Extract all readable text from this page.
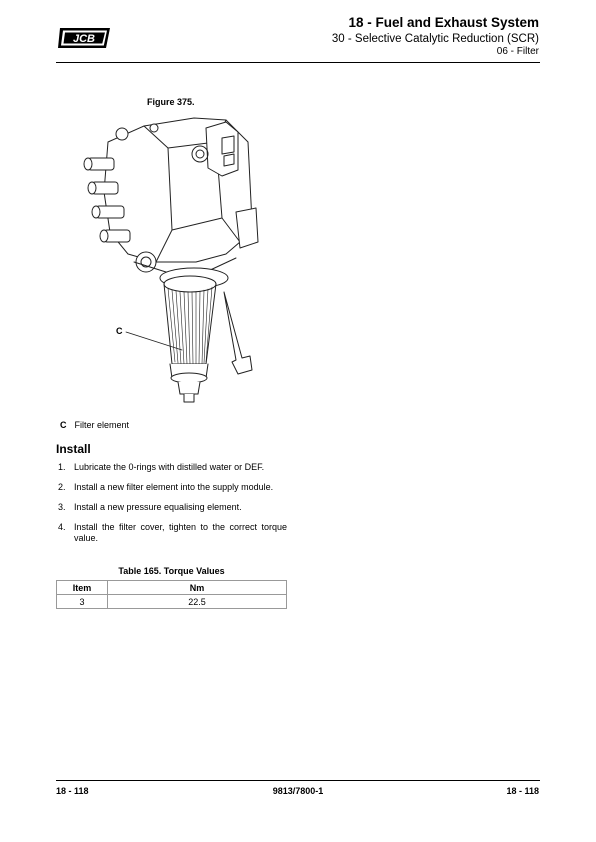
JCB
18 - Fuel and Exhaust System
30 - Selective Catalytic Reduction (SCR)
06 - Filter
Figure 375.
C
C Filter element
Install
1. Lubricate the 0-rings with distilled water or DEF.
2. Install a new filter element into the supply module.
3. Install a new pressure equalising element.
4. Install the filter cover, tighten to the correct torque value.
Table 165. Torque Values
Item	Nm
3	22.5
18 - 118	9813/7800-1	18 - 118
